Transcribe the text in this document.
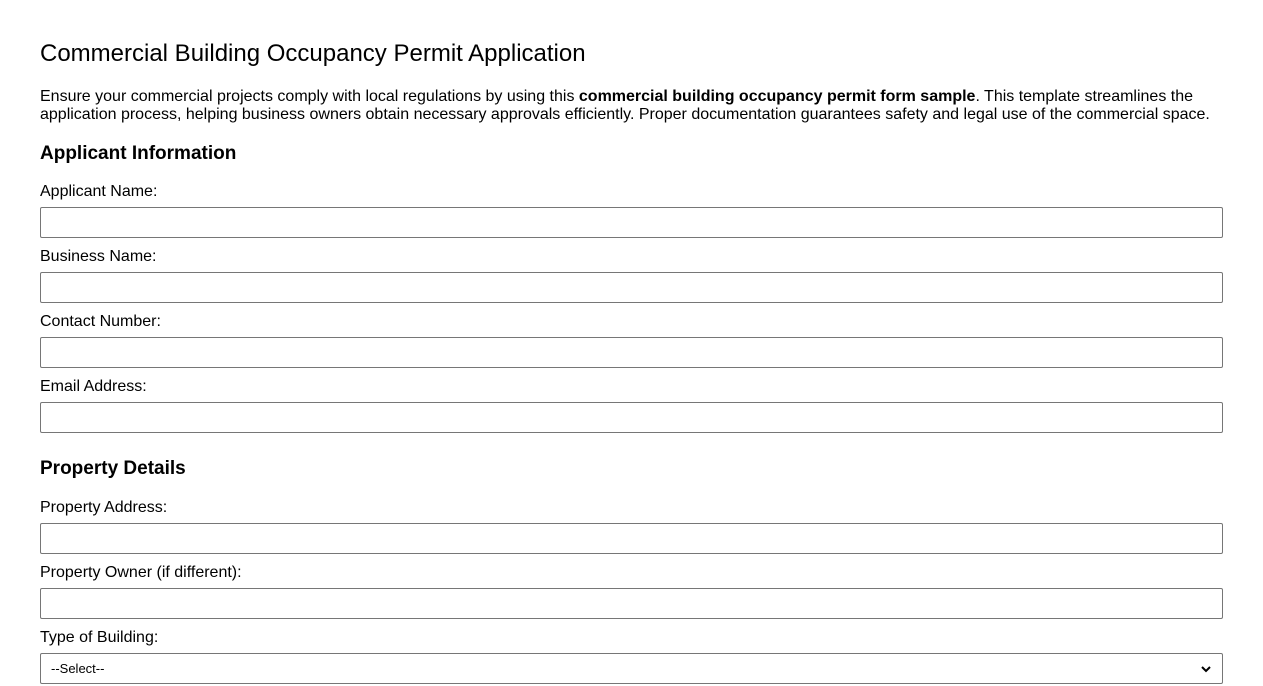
Commercial Building Occupancy Permit Application

Ensure your commercial projects comply with local regulations by using this commercial building occupancy permit form sample. This template streamlines the application process, helping business owners obtain necessary approvals efficiently. Proper documentation guarantees safety and legal use of the commercial space.

Applicant Information
Applicant Name:
Business Name:
Contact Number:
Email Address:
Property Details
Property Address:
Property Owner (if different):
Type of Building:
--Select--
